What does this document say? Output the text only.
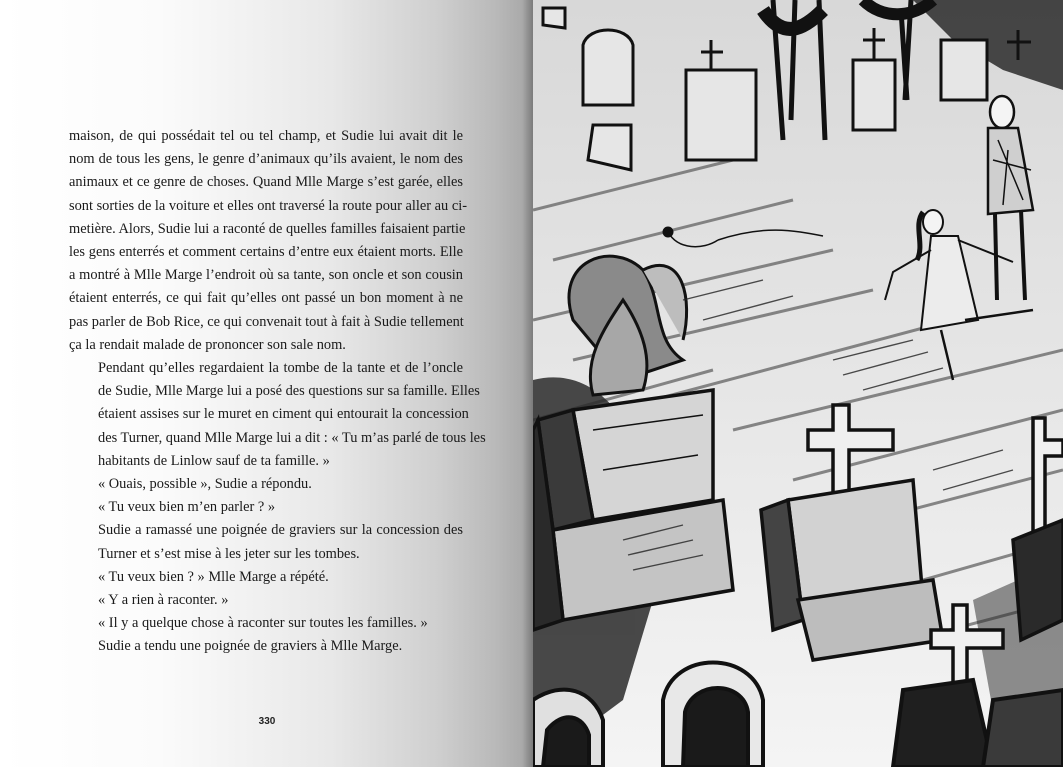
maison, de qui possédait tel ou tel champ, et Sudie lui avait dit le
nom de tous les gens, le genre d’animaux qu’ils avaient, le nom des
animaux et ce genre de choses. Quand Mlle Marge s’est garée, elles
sont sorties de la voiture et elles ont traversé la route pour aller au ci-
metière. Alors, Sudie lui a raconté de quelles familles faisaient partie
les gens enterrés et comment certains d’entre eux étaient morts. Elle
a montré à Mlle Marge l’endroit où sa tante, son oncle et son cousin
étaient enterrés, ce qui fait qu’elles ont passé un bon moment à ne
pas parler de Bob Rice, ce qui convenait tout à fait à Sudie tellement
ça la rendait malade de prononcer son sale nom.

Pendant qu’elles regardaient la tombe de la tante et de l’oncle
de Sudie, Mlle Marge lui a posé des questions sur sa famille. Elles
étaient assises sur le muret en ciment qui entourait la concession
des Turner, quand Mlle Marge lui a dit : « Tu m’as parlé de tous les
habitants de Linlow sauf de ta famille. »

« Ouais, possible », Sudie a répondu.

« Tu veux bien m’en parler ? »

Sudie a ramassé une poignée de graviers sur la concession des
Turner et s’est mise à les jeter sur les tombes.

« Tu veux bien ? » Mlle Marge a répété.

« Y a rien à raconter. »

« Il y a quelque chose à raconter sur toutes les familles. »

Sudie a tendu une poignée de graviers à Mlle Marge.

330
